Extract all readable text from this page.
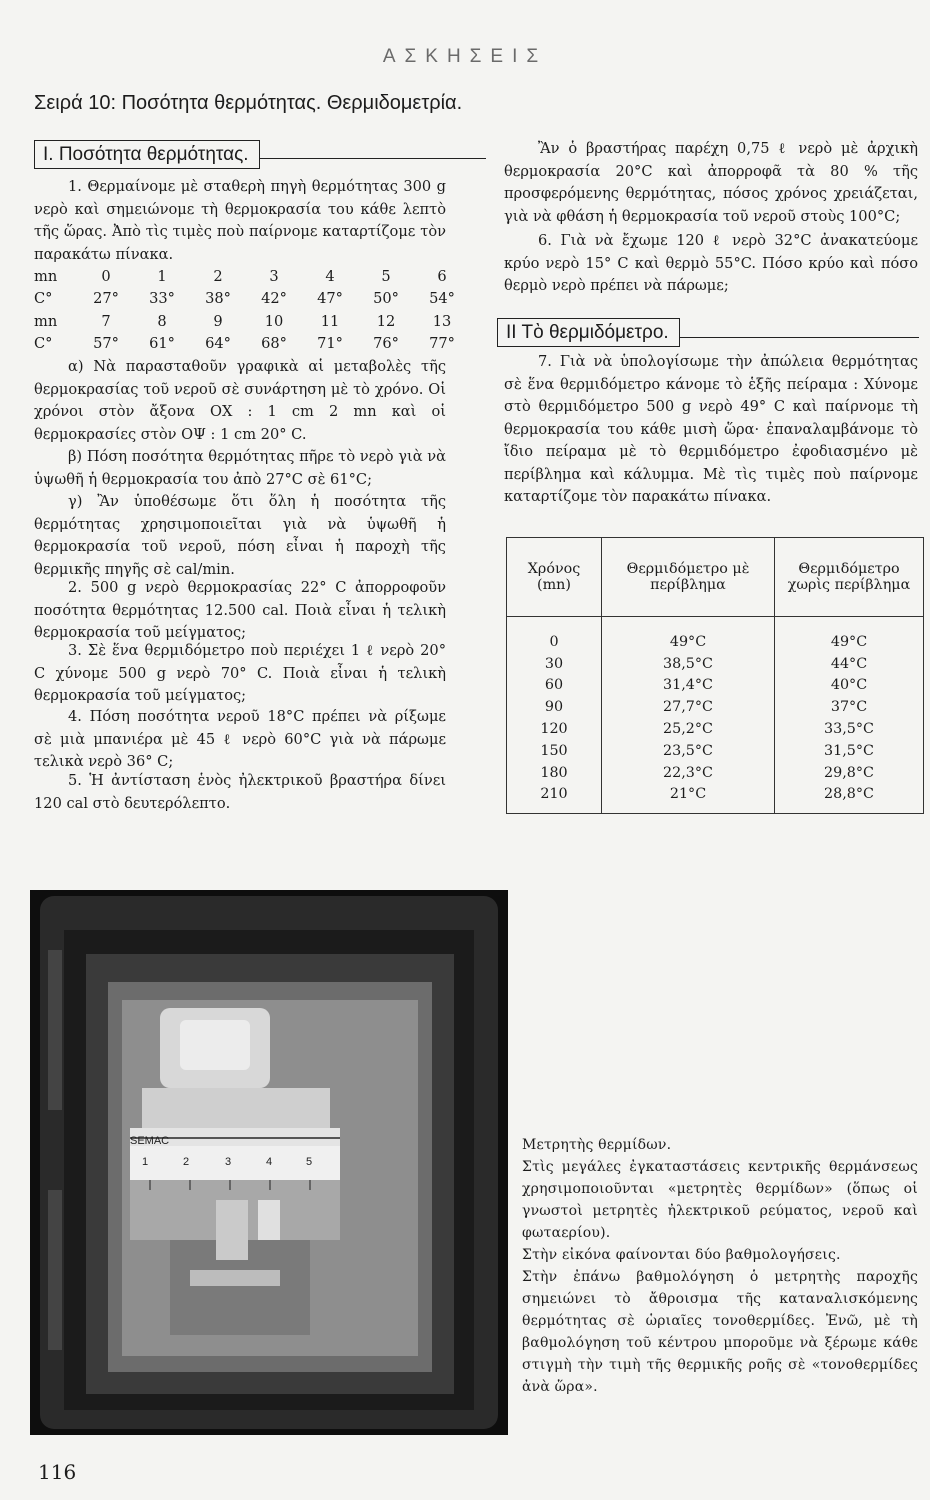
ΑΣΚΗΣΕΙΣ
Σειρά 10: Ποσότητα θερμότητας. Θερμιδομετρία.
Ι. Ποσότητα θερμότητας.
1. Θερμαίνομε μὲ σταθερὴ πηγὴ θερμότητας 300 g νερὸ καὶ σημειώνομε τὴ θερμοκρασία του κάθε λεπτὸ τῆς ὥρας. Ἀπὸ τὶς τιμὲς ποὺ παίρνομε καταρτίζομε τὸν παρακάτω πίνακα.
mn	0	1	2	3	4	5	6
C°	27°	33°	38°	42°	47°	50°	54°
mn	7	8	9	10	11	12	13
C°	57°	61°	64°	68°	71°	76°	77°
α) Νὰ παρασταθοῦν γραφικὰ αἱ μεταβολὲς τῆς θερμοκρασίας τοῦ νεροῦ σὲ συνάρτηση μὲ τὸ χρόνο. Οἱ χρόνοι στὸν ἄξονα ΟΧ : 1 cm 2 mn καὶ οἱ θερμοκρασίες στὸν ΟΨ : 1 cm 20° C.
β) Πόση ποσότητα θερμότητας πῆρε τὸ νερὸ γιὰ νὰ ὑψωθῆ ἡ θερμοκρασία του ἀπὸ 27°C σὲ 61°C;
γ) Ἂν ὑποθέσωμε ὅτι ὅλη ἡ ποσότητα τῆς θερμότητας χρησιμοποιεῖται γιὰ νὰ ὑψωθῆ ἡ θερμοκρασία τοῦ νεροῦ, πόση εἶναι ἡ παροχὴ τῆς θερμικῆς πηγῆς σὲ cal/min.
2. 500 g νερὸ θερμοκρασίας 22° C ἀπορροφοῦν ποσότητα θερμότητας 12.500 cal. Ποιὰ εἶναι ἡ τελικὴ θερμοκρασία τοῦ μείγματος;
3. Σὲ ἕνα θερμιδόμετρο ποὺ περιέχει 1 ℓ νερὸ 20° C χύνομε 500 g νερὸ 70° C. Ποιὰ εἶναι ἡ τελικὴ θερμοκρασία τοῦ μείγματος;
4. Πόση ποσότητα νεροῦ 18°C πρέπει νὰ ρίξωμε σὲ μιὰ μπανιέρα μὲ 45 ℓ νερὸ 60°C γιὰ νὰ πάρωμε τελικὰ νερὸ 36° C;
5. Ἡ ἀντίσταση ἑνὸς ἠλεκτρικοῦ βραστήρα δίνει 120 cal στὸ δευτερόλεπτο.
Ἂν ὁ βραστήρας παρέχη 0,75 ℓ νερὸ μὲ ἀρχικὴ θερμοκρασία 20°C καὶ ἀπορροφᾶ τὰ 80 % τῆς προσφερόμενης θερμότητας, πόσος χρόνος χρειάζεται, γιὰ νὰ φθάση ἡ θερμοκρασία τοῦ νεροῦ στοὺς 100°C;
6. Γιὰ νὰ ἔχωμε 120 ℓ νερὸ 32°C ἀνακατεύομε κρύο νερὸ 15° C καὶ θερμὸ 55°C. Πόσο κρύο καὶ πόσο θερμὸ νερὸ πρέπει νὰ πάρωμε;
ΙΙ Τὸ θερμιδόμετρο.
7. Γιὰ νὰ ὑπολογίσωμε τὴν ἀπώλεια θερμότητας σὲ ἕνα θερμιδόμετρο κάνομε τὸ ἑξῆς πείραμα : Χύνομε στὸ θερμιδόμετρο 500 g νερὸ 49° C καὶ παίρνομε τὴ θερμοκρασία του κάθε μισὴ ὥρα· ἐπαναλαμβάνομε τὸ ἴδιο πείραμα μὲ τὸ θερμιδόμετρο ἐφοδιασμένο μὲ περίβλημα καὶ κάλυμμα. Μὲ τὶς τιμὲς ποὺ παίρνομε καταρτίζομε τὸν παρακάτω πίνακα.
Χρόνος (mn)	Θερμιδόμετρο μὲ περίβλημα	Θερμιδόμετρο χωρὶς περίβλημα
0	49°C	49°C
30	38,5°C	44°C
60	31,4°C	40°C
90	27,7°C	37°C
120	25,2°C	33,5°C
150	23,5°C	31,5°C
180	22,3°C	29,8°C
210	21°C	28,8°C
SEMAC
1	2	3	4	5
Μετρητὴς θερμίδων.
Στὶς μεγάλες ἐγκαταστάσεις κεντρικῆς θερμάνσεως χρησιμοποιοῦνται «μετρητὲς θερμίδων» (ὅπως οἱ γνωστοὶ μετρητὲς ἠλεκτρικοῦ ρεύματος, νεροῦ καὶ φωταερίου).
Στὴν εἰκόνα φαίνονται δύο βαθμολογήσεις.
Στὴν ἐπάνω βαθμολόγηση ὁ μετρητὴς παροχῆς σημειώνει τὸ ἄθροισμα τῆς καταναλισκόμενης θερμότητας σὲ ὡριαῖες τονοθερμίδες. Ἐνῶ, μὲ τὴ βαθμολόγηση τοῦ κέντρου μπορoῦμε νὰ ξέρωμε κάθε στιγμὴ τὴν τιμὴ τῆς θερμικῆς ροῆς σὲ «τονοθερμίδες ἀνὰ ὥρα».
116
